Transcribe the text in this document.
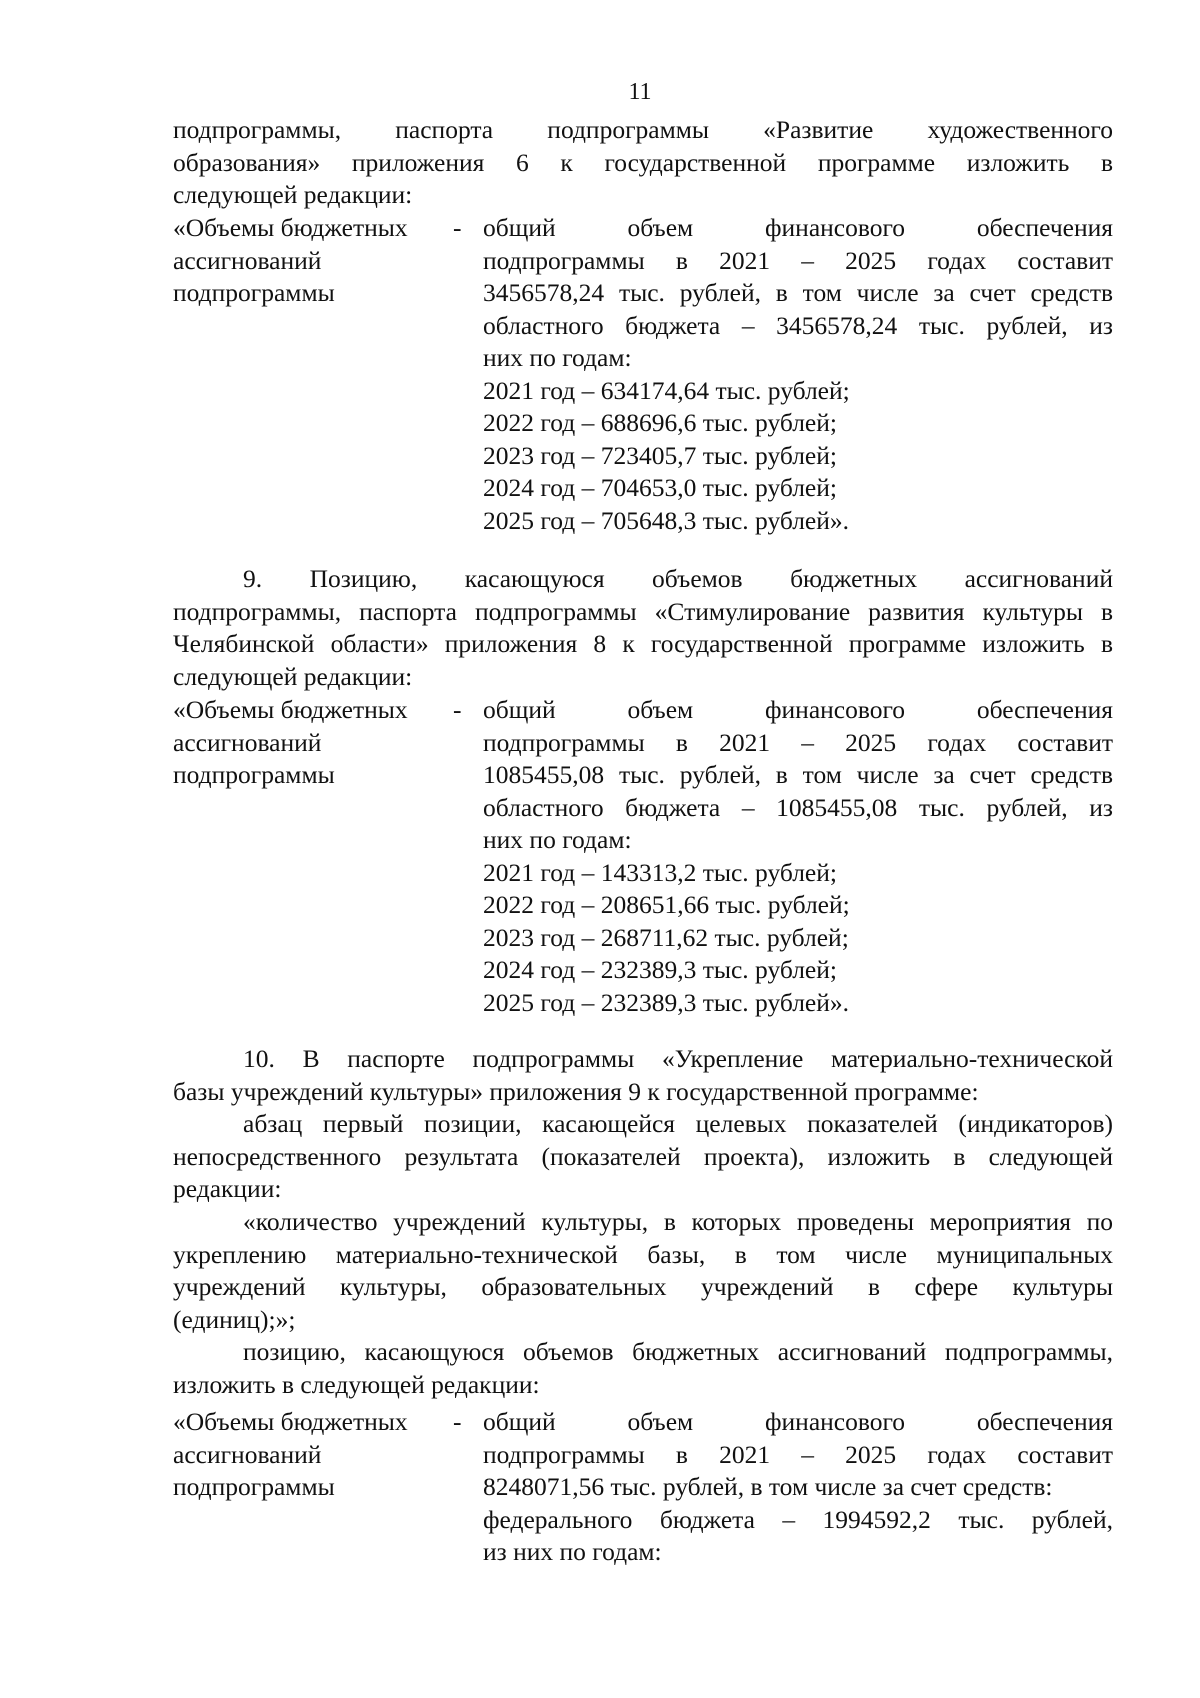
11
подпрограммы, паспорта подпрограммы «Развитие художественного
образования» приложения 6 к государственной программе изложить в
следующей редакции:
«Объемы бюджетных
ассигнований
подпрограммы
- общий объем финансового обеспечения
подпрограммы в 2021 – 2025 годах составит
3456578,24 тыс. рублей, в том числе за счет средств
областного бюджета – 3456578,24 тыс. рублей, из
них по годам:
2021 год – 634174,64 тыс. рублей;
2022 год – 688696,6 тыс. рублей;
2023 год – 723405,7 тыс. рублей;
2024 год – 704653,0 тыс. рублей;
2025 год – 705648,3 тыс. рублей».
9. Позицию, касающуюся объемов бюджетных ассигнований
подпрограммы, паспорта подпрограммы «Стимулирование развития культуры в
Челябинской области» приложения 8 к государственной программе изложить в
следующей редакции:
«Объемы бюджетных
ассигнований
подпрограммы
- общий объем финансового обеспечения
подпрограммы в 2021 – 2025 годах составит
1085455,08 тыс. рублей, в том числе за счет средств
областного бюджета – 1085455,08 тыс. рублей, из
них по годам:
2021 год – 143313,2 тыс. рублей;
2022 год – 208651,66 тыс. рублей;
2023 год – 268711,62 тыс. рублей;
2024 год – 232389,3 тыс. рублей;
2025 год – 232389,3 тыс. рублей».
10. В паспорте подпрограммы «Укрепление материально-технической
базы учреждений культуры» приложения 9 к государственной программе:
абзац первый позиции, касающейся целевых показателей (индикаторов)
непосредственного результата (показателей проекта), изложить в следующей
редакции:
«количество учреждений культуры, в которых проведены мероприятия по
укреплению материально-технической базы, в том числе муниципальных
учреждений культуры, образовательных учреждений в сфере культуры
(единиц);»;
позицию, касающуюся объемов бюджетных ассигнований подпрограммы,
изложить в следующей редакции:
«Объемы бюджетных
ассигнований
подпрограммы
- общий объем финансового обеспечения
подпрограммы в 2021 – 2025 годах составит
8248071,56 тыс. рублей, в том числе за счет средств:
федерального бюджета – 1994592,2 тыс. рублей,
из них по годам:
